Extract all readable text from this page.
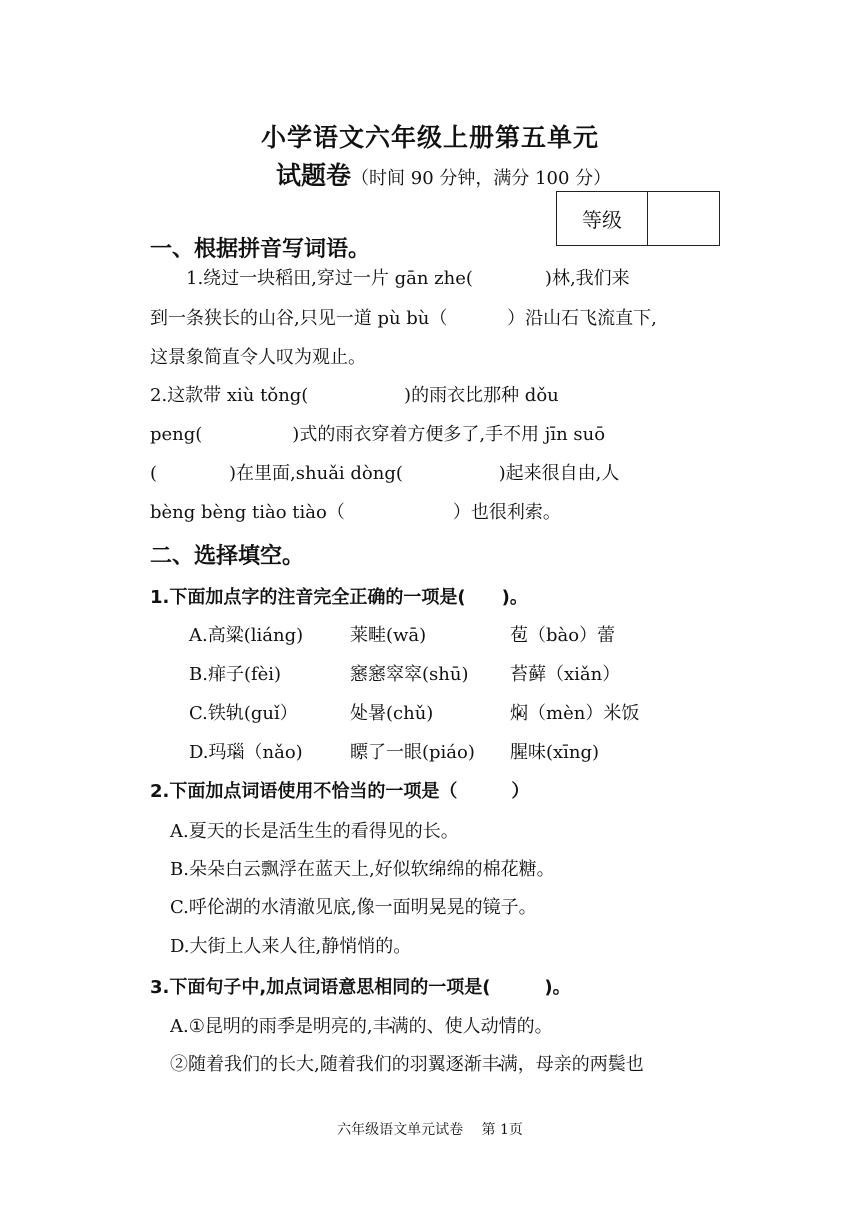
小学语文六年级上册第五单元
试题卷（时间 90 分钟，满分 100 分）
等级
一、根据拼音写词语。
1.绕过一块稻田,穿过一片 gān zhe(　　　　)林,我们来
到一条狭长的山谷,只见一道 pù bù（　　　 ）沿山石飞流直下,
这景象简直令人叹为观止。
2.这款带 xiù tǒng(　　　　　 )的雨衣比那种 dǒu
peng(　　　　　)式的雨衣穿着方便多了,手不用 jīn suō
(　　　　)在里面,shuǎi dòng(　　　　　 )起来很自由,人
bèng bèng tiào tiào（　　　　　　）也很利索。
二、选择填空。
1.下面加点字的注音完全正确的一项是(　　)。
A.高粱 •(liáng)	莱畦 •(wā)	苞 •（bào）蕾
B.痱 •子(fèi)	窸窸窣窣(shū) 苔藓 •（xiǎn）
C.铁轨 •(guǐ）	处 •暑(chǔ)	焖 •（mèn）米饭
D.玛瑙 •（nǎo)	瞟 •了一眼(piáo) 腥 •味(xīng)
2.下面加点词语使用不恰当的一项是（　　　）
A.夏天的长是活生生 •的看得见的长。
B.朵朵白云飘浮在蓝天上,好似软绵绵 •的棉花糖。
C.呼伦湖的水清澈见底,像一面明晃晃 •的镜子。
D.大街上人来人往,静悄悄 •的。
3.下面句子中,加点词语意思相同的一项是(　　　)。
A.①昆明的雨季是明亮的,丰满 •的、使人动情的。
②随着我们的长大,随着我们的羽翼逐渐丰满 •，母亲的两鬓也
六年级语文单元试卷　 第 1页
